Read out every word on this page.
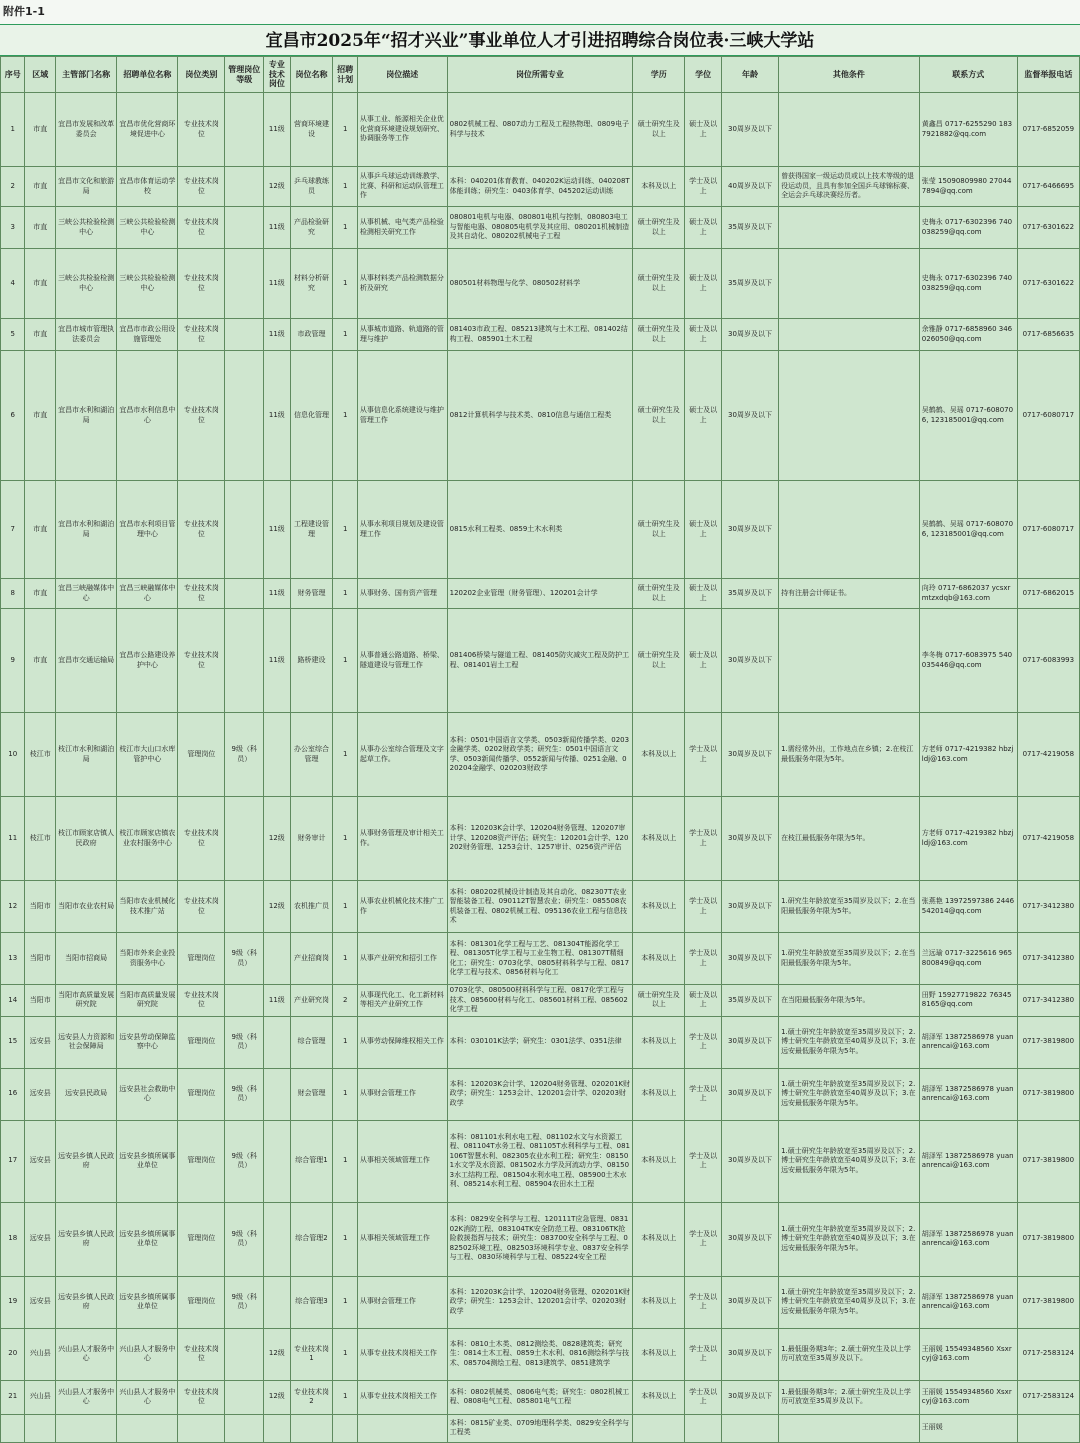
附件1-1
宜昌市2025年“招才兴业”事业单位人才引进招聘综合岗位表·三峡大学站
序号	区域	主管部门名称	招聘单位名称	岗位类别	管理岗位等级	专业技术岗位	岗位名称	招聘计划	岗位描述	岗位所需专业	学历	学位	年龄	其他条件	联系方式	监督举报电话
1	市直	宜昌市发展和改革委员会	宜昌市优化营商环境促进中心	专业技术岗位		11级	营商环境建设	1	从事工业、能源相关企业优化营商环境建设规划研究、协调服务等工作	0802机械工程、0807动力工程及工程热物理、0809电子科学与技术	硕士研究生及以上	硕士及以上	30周岁及以下		黄鑫昌 0717-6255290 1837921882@qq.com	0717-6852059
2	市直	宜昌市文化和旅游局	宜昌市体育运动学校	专业技术岗位		12级	乒乓球教练员	1	从事乒乓球运动训练教学、比赛、科研和运动队管理工作	本科：040201体育教育、040202K运动训练、040208T体能训练；研究生：0403体育学、045202运动训练	本科及以上	学士及以上	40周岁及以下	曾获得国家一级运动员或以上技术等级的退役运动员，且具有参加全国乒乓球锦标赛、全运会乒乓球决赛经历者。	张莹 15090809980 270447894@qq.com	0717-6466695
3	市直	三峡公共检验检测中心	三峡公共检验检测中心	专业技术岗位		11级	产品检验研究	1	从事机械、电气类产品检验检测相关研究工作	080801电机与电器、080801电机与控制、080803电工与智能电器、080805电机学及其应用、080201机械制造及其自动化、080202机械电子工程	硕士研究生及以上	硕士及以上	35周岁及以下		史梅永 0717-6302396 740038259@qq.com	0717-6301622
4	市直	三峡公共检验检测中心	三峡公共检验检测中心	专业技术岗位		11级	材料分析研究	1	从事材料类产品检测数据分析及研究	080501材料物理与化学、080502材料学	硕士研究生及以上	硕士及以上	35周岁及以下		史梅永 0717-6302396 740038259@qq.com	0717-6301622
5	市直	宜昌市城市管理执法委员会	宜昌市市政公用设施管理处	专业技术岗位		11级	市政管理	1	从事城市道路、轨道路的管理与维护	081403市政工程、085213建筑与土木工程、081402结构工程、085901土木工程	硕士研究生及以上	硕士及以上	30周岁及以下		余雅静 0717-6858960 346026050@qq.com	0717-6856635
6	市直	宜昌市水利和湖泊局	宜昌市水利信息中心	专业技术岗位		11级	信息化管理	1	从事信息化系统建设与维护管理工作	0812计算机科学与技术类、0810信息与通信工程类	硕士研究生及以上	硕士及以上	30周岁及以下		吴鹤鹤、吴瑶 0717-6080706, 123185001@qq.com	0717-6080717
7	市直	宜昌市水利和湖泊局	宜昌市水利项目管理中心	专业技术岗位		11级	工程建设管理	1	从事水利项目规划及建设管理工作	0815水利工程类、0859土木水利类	硕士研究生及以上	硕士及以上	30周岁及以下		吴鹤鹤、吴瑶 0717-6080706, 123185001@qq.com	0717-6080717
8	市直	宜昌三峡融媒体中心	宜昌三峡融媒体中心	专业技术岗位		11级	财务管理	1	从事财务、国有资产管理	120202企业管理（财务管理）、120201会计学	硕士研究生及以上	硕士及以上	35周岁及以下	持有注册会计师证书。	向玲 0717-6862037 ycsxrmtzxdqb@163.com	0717-6862015
9	市直	宜昌市交通运输局	宜昌市公路建设养护中心	专业技术岗位		11级	路桥建设	1	从事普通公路道路、桥梁、隧道建设与管理工作	081406桥梁与隧道工程、081405防灾减灾工程及防护工程、081401岩土工程	硕士研究生及以上	硕士及以上	30周岁及以下		李冬梅 0717-6083975 540035446@qq.com	0717-6083993
10	枝江市	枝江市水利和湖泊局	枝江市大山口水库管护中心	管理岗位	9级（科员）		办公室综合管理	1	从事办公室综合管理及文字起草工作。	本科：0501中国语言文学类、0503新闻传播学类、0203金融学类、0202财政学类；研究生：0501中国语言文学、0503新闻传播学、0552新闻与传播、0251金融、020204金融学、020203财政学	本科及以上	学士及以上	30周岁及以下	1.需经常外出，工作地点在乡镇；2.在枝江最低服务年限为5年。	方老师 0717-4219382 hbzjldj@163.com	0717-4219058
11	枝江市	枝江市顾家店镇人民政府	枝江市顾家店镇农业农村服务中心	专业技术岗位		12级	财务审计	1	从事财务管理及审计相关工作。	本科：120203K会计学、120204财务管理、120207审计学、120208资产评估；研究生：120201会计学、120202财务管理、1253会计、1257审计、0256资产评估	本科及以上	学士及以上	30周岁及以下	在枝江最低服务年限为5年。	方老师 0717-4219382 hbzjldj@163.com	0717-4219058
12	当阳市	当阳市农业农村局	当阳市农业机械化技术推广站	专业技术岗位		12级	农机推广员	1	从事农业机械化技术推广工作	本科：080202机械设计制造及其自动化、082307T农业智能装备工程、090112T智慧农业；研究生：085508农机装备工程、0802机械工程、095136农业工程与信息技术	本科及以上	学士及以上	30周岁及以下	1.研究生年龄放宽至35周岁及以下；2.在当阳最低服务年限为5年。	张燕艳 13972597386 2446542014@qq.com	0717-3412380
13	当阳市	当阳市招商局	当阳市外来企业投资服务中心	管理岗位	9级（科员）		产业招商岗	1	从事产业研究和招引工作	本科：081301化学工程与工艺、081304T能源化学工程、081305T化学工程与工业生物工程、081307T精细化工；研究生：0703化学、0805材料科学与工程、0817化学工程与技术、0856材料与化工	本科及以上	学士及以上	30周岁及以下	1.研究生年龄放宽至35周岁及以下；2.在当阳最低服务年限为5年。	兰远瑜 0717-3225616 965800849@qq.com	0717-3412380
14	当阳市	当阳市高质量发展研究院	当阳市高质量发展研究院	专业技术岗位		11级	产业研究岗	2	从事现代化工、化工新材料等相关产业研究工作	0703化学、080500材料科学与工程、0817化学工程与技术、085600材料与化工、085601材料工程、085602化学工程	硕士研究生及以上	硕士及以上	35周岁及以下	在当阳最低服务年限为5年。	田野 15927719822 763458165@qq.com	0717-3412380
15	远安县	远安县人力资源和社会保障局	远安县劳动保障监察中心	管理岗位	9级（科员）		综合管理	1	从事劳动保障维权相关工作	本科：030101K法学；研究生：0301法学、0351法律	本科及以上	学士及以上	30周岁及以下	1.硕士研究生年龄放宽至35周岁及以下；2.博士研究生年龄放宽至40周岁及以下；3.在远安最低服务年限为5年。	胡泽军 13872586978 yuananrencai@163.com	0717-3819800
16	远安县	远安县民政局	远安县社会救助中心	管理岗位	9级（科员）		财会管理	1	从事财会管理工作	本科：120203K会计学、120204财务管理、020201K财政学；研究生：1253会计、120201会计学、020203财政学	本科及以上	学士及以上	30周岁及以下	1.硕士研究生年龄放宽至35周岁及以下；2.博士研究生年龄放宽至40周岁及以下；3.在远安最低服务年限为5年。	胡泽军 13872586978 yuananrencai@163.com	0717-3819800
17	远安县	远安县乡镇人民政府	远安县乡镇所属事业单位	管理岗位	9级（科员）		综合管理1	1	从事相关领域管理工作	本科：081101水利水电工程、081102水文与水资源工程、081104T水务工程、081105T水利科学与工程、081106T智慧水利、082305农业水利工程；研究生：081501水文学及水资源、081502水力学及河流动力学、081503水工结构工程、081504水利水电工程、085900土木水利、085214水利工程、085904农田水土工程	本科及以上	学士及以上	30周岁及以下	1.硕士研究生年龄放宽至35周岁及以下；2.博士研究生年龄放宽至40周岁及以下；3.在远安最低服务年限为5年。	胡泽军 13872586978 yuananrencai@163.com	0717-3819800
18	远安县	远安县乡镇人民政府	远安县乡镇所属事业单位	管理岗位	9级（科员）		综合管理2	1	从事相关领域管理工作	本科：0829安全科学与工程、120111T应急管理、083102K消防工程、083104TK安全防范工程、083106TK抢险救援指挥与技术；研究生：083700安全科学与工程、082502环境工程、082503环境科学专业、0837安全科学与工程、0830环境科学与工程、085224安全工程	本科及以上	学士及以上	30周岁及以下	1.硕士研究生年龄放宽至35周岁及以下；2.博士研究生年龄放宽至40周岁及以下；3.在远安最低服务年限为5年。	胡泽军 13872586978 yuananrencai@163.com	0717-3819800
19	远安县	远安县乡镇人民政府	远安县乡镇所属事业单位	管理岗位	9级（科员）		综合管理3	1	从事财会管理工作	本科：120203K会计学、120204财务管理、020201K财政学；研究生：1253会计、120201会计学、020203财政学	本科及以上	学士及以上	30周岁及以下	1.硕士研究生年龄放宽至35周岁及以下；2.博士研究生年龄放宽至40周岁及以下；3.在远安最低服务年限为5年。	胡泽军 13872586978 yuananrencai@163.com	0717-3819800
20	兴山县	兴山县人才服务中心	兴山县人才服务中心	专业技术岗位		12级	专业技术岗1	1	从事专业技术岗相关工作	本科：0810土木类、0812测绘类、0828建筑类；研究生：0814土木工程、0859土木水利、0816测绘科学与技术、085704测绘工程、0813建筑学、0851建筑学	本科及以上	学士及以上	30周岁及以下	1.最低服务期3年；2.硕士研究生及以上学历可放宽至35周岁及以下。	王丽媛 15549348560 Xsxrcyj@163.com	0717-2583124
21	兴山县	兴山县人才服务中心	兴山县人才服务中心	专业技术岗位		12级	专业技术岗2	1	从事专业技术岗相关工作	本科：0802机械类、0806电气类；研究生：0802机械工程、0808电气工程、085801电气工程	本科及以上	学士及以上	30周岁及以下	1.最低服务期3年；2.硕士研究生及以上学历可放宽至35周岁及以下。	王丽媛 15549348560 Xsxrcyj@163.com	0717-2583124
										本科：0815矿业类、0709地理科学类、0829安全科学与工程类					王丽媛	
